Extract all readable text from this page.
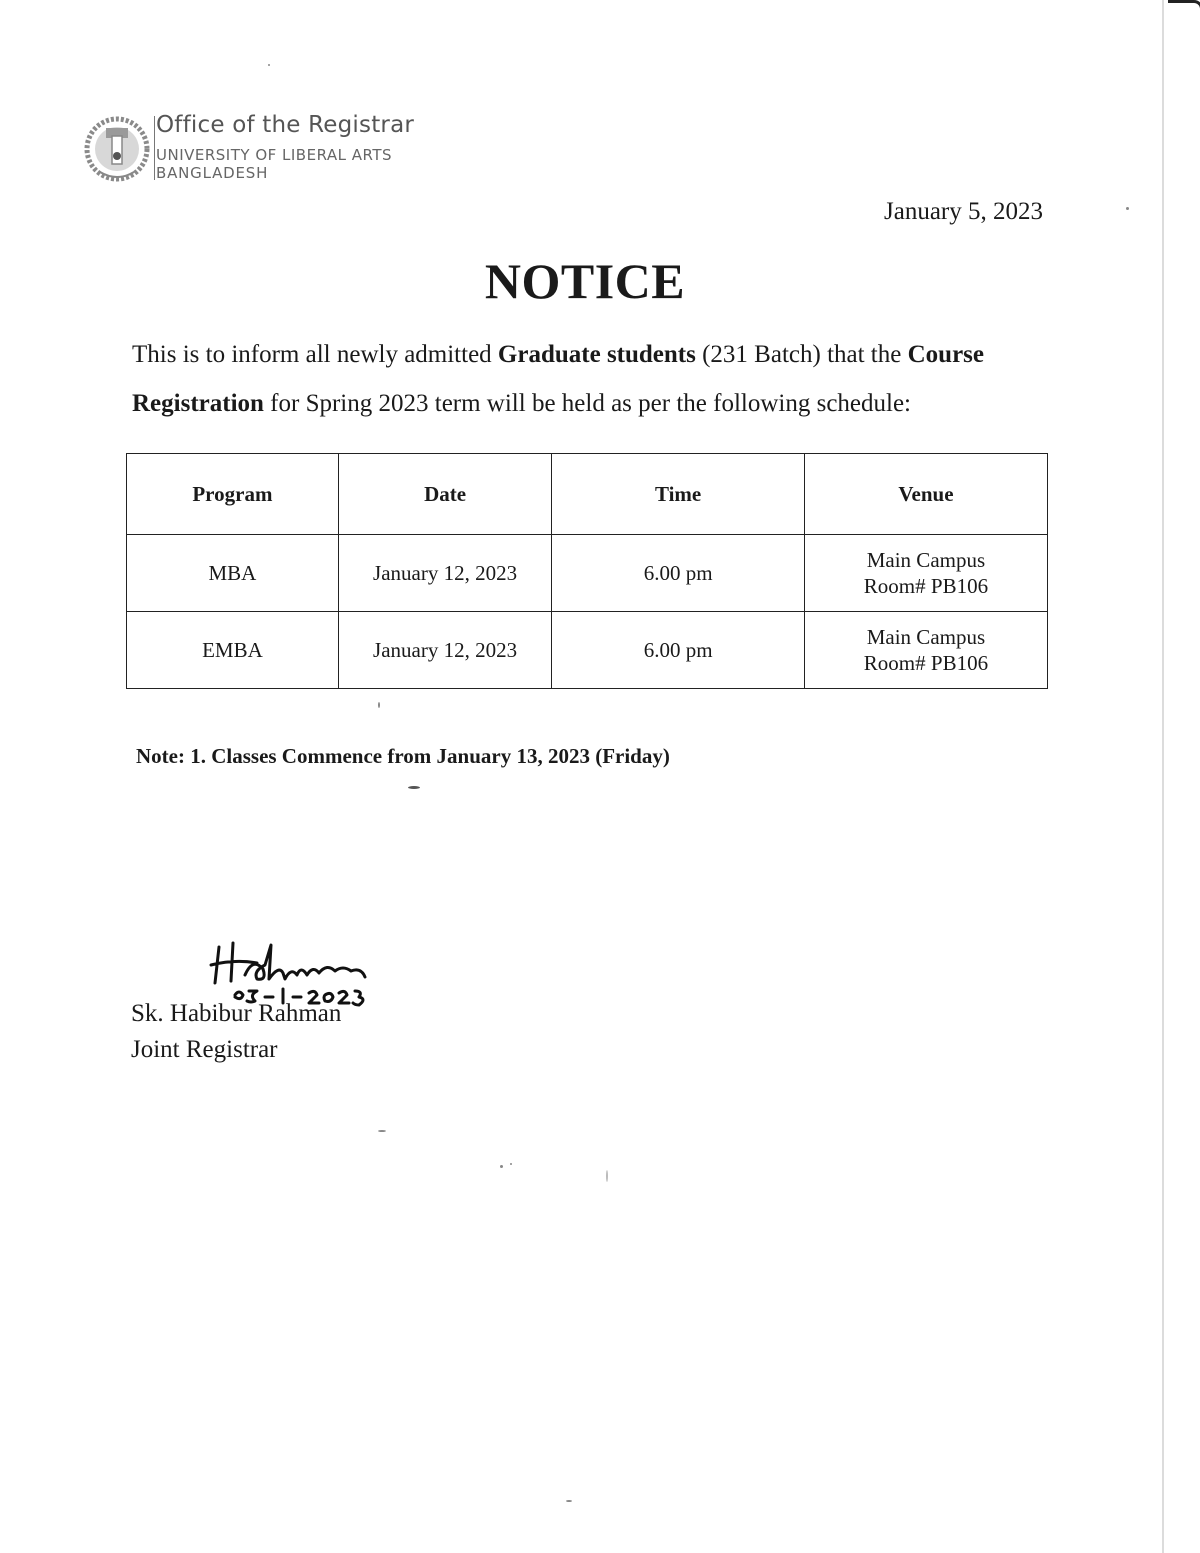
Office of the Registrar
UNIVERSITY OF LIBERAL ARTS
BANGLADESH
January 5, 2023
NOTICE
This is to inform all newly admitted Graduate students (231 Batch) that the Course Registration for Spring 2023 term will be held as per the following schedule:
Program	Date	Time	Venue
MBA	January 12, 2023	6.00 pm	Main Campus
Room# PB106
EMBA	January 12, 2023	6.00 pm	Main Campus
Room# PB106
Note: 1. Classes Commence from January 13, 2023 (Friday)
Sk. Habibur Rahman
Joint Registrar
